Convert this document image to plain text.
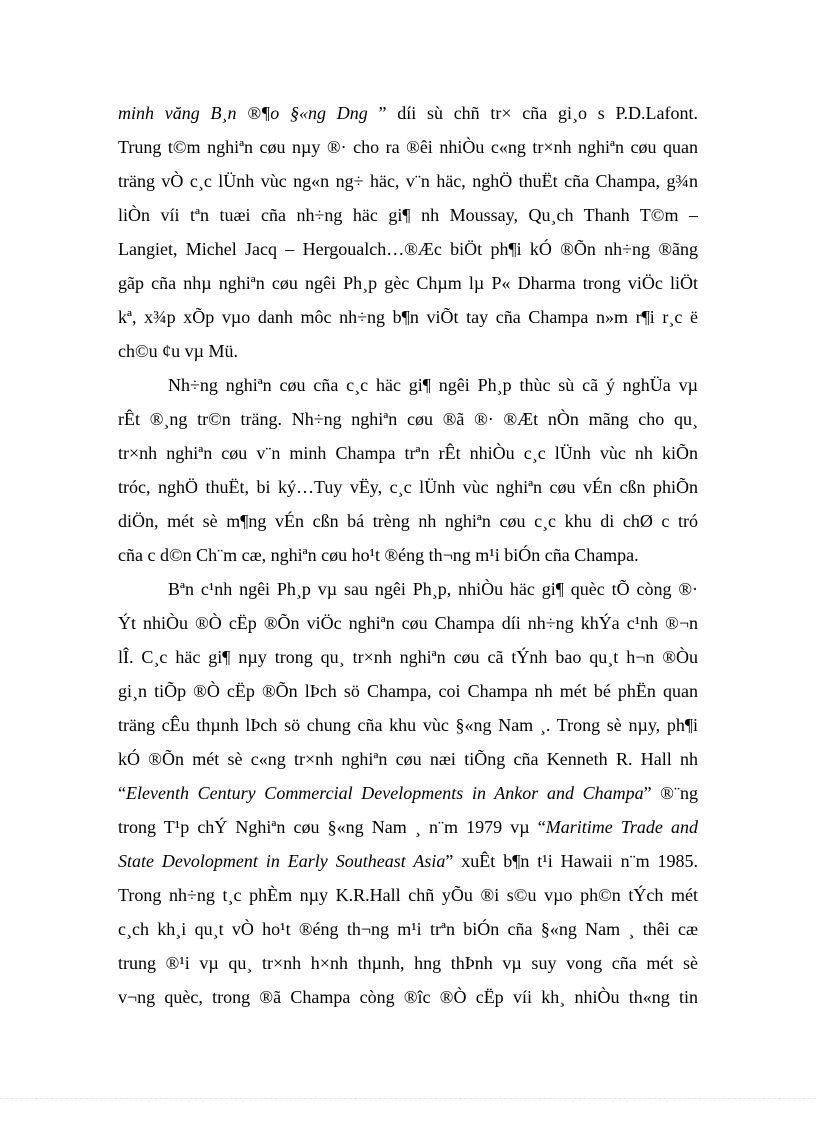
minh văng B¸n ®¶o §«ng Dng ” díi sù chñ tr× cña gi¸o s P.D.Lafont.
Trung t©m nghiªn cøu nµy ®· cho ra ®êi nhiÒu c«ng tr×nh nghiªn cøu quan
träng vÒ c¸c lÜnh vùc ng«n ng÷ häc, v¨n häc, nghÖ thuËt cña Champa, g¾n
liÒn víi tªn tuæi cña nh÷ng häc gi¶ nh Moussay, Qu¸ch Thanh T©m –
Langiet, Michel Jacq – Hergoualch…®Æc biÖt ph¶i kÓ ®Õn nh÷ng ®ãng
gãp cña nhµ nghiªn cøu ngêi Ph¸p gèc Chµm lµ P« Dharma trong viÖc liÖt
kª, x¾p xÕp vµo danh môc nh÷ng b¶n viÕt tay cña Champa n»m r¶i r¸c ë
ch©u ¢u vµ Mü.
Nh÷ng nghiªn cøu cña c¸c häc gi¶ ngêi Ph¸p thùc sù cã ý nghÜa vµ
rÊt ®¸ng tr©n träng. Nh÷ng nghiªn cøu ®ã ®· ®Æt nÒn mãng cho qu¸
tr×nh nghiªn cøu v¨n minh Champa trªn rÊt nhiÒu c¸c lÜnh vùc nh kiÕn
tróc, nghÖ thuËt, bi ký…Tuy vËy, c¸c lÜnh vùc nghiªn cøu vÉn cßn phiÕn
diÖn, mét sè m¶ng vÉn cßn bá trèng nh nghiªn cøu c¸c khu di chØ c tró
cña c d©n Ch¨m cæ, nghiªn cøu ho¹t ®éng th¬ng m¹i biÓn cña Champa.
Bªn c¹nh ngêi Ph¸p vµ sau ngêi Ph¸p, nhiÒu häc gi¶ quèc tÕ còng ®·
Ýt nhiÒu ®Ò cËp ®Õn viÖc nghiªn cøu Champa díi nh÷ng khÝa c¹nh ®¬n
lÎ. C¸c häc gi¶ nµy trong qu¸ tr×nh nghiªn cøu cã tÝnh bao qu¸t h¬n ®Òu
gi¸n tiÕp ®Ò cËp ®Õn lÞch sö Champa, coi Champa nh mét bé phËn quan
träng cÊu thµnh lÞch sö chung cña khu vùc §«ng Nam ¸. Trong sè nµy, ph¶i
kÓ ®Õn mét sè c«ng tr×nh nghiªn cøu næi tiÕng cña Kenneth R. Hall nh
“Eleventh Century Commercial Developments in Ankor and Champa” ®¨ng
trong T¹p chÝ Nghiªn cøu §«ng Nam ¸ n¨m 1979 vµ “Maritime Trade and
State Devolopment in Early Southeast Asia” xuÊt b¶n t¹i Hawaii n¨m 1985.
Trong nh÷ng t¸c phÈm nµy K.R.Hall chñ yÕu ®i s©u vµo ph©n tÝch mét
c¸ch kh¸i qu¸t vÒ ho¹t ®éng th¬ng m¹i trªn biÓn cña §«ng Nam ¸ thêi cæ
trung ®¹i vµ qu¸ tr×nh h×nh thµnh, hng thÞnh vµ suy vong cña mét sè
v¬ng quèc, trong ®ã Champa còng ®îc ®Ò cËp víi kh¸ nhiÒu th«ng tin
